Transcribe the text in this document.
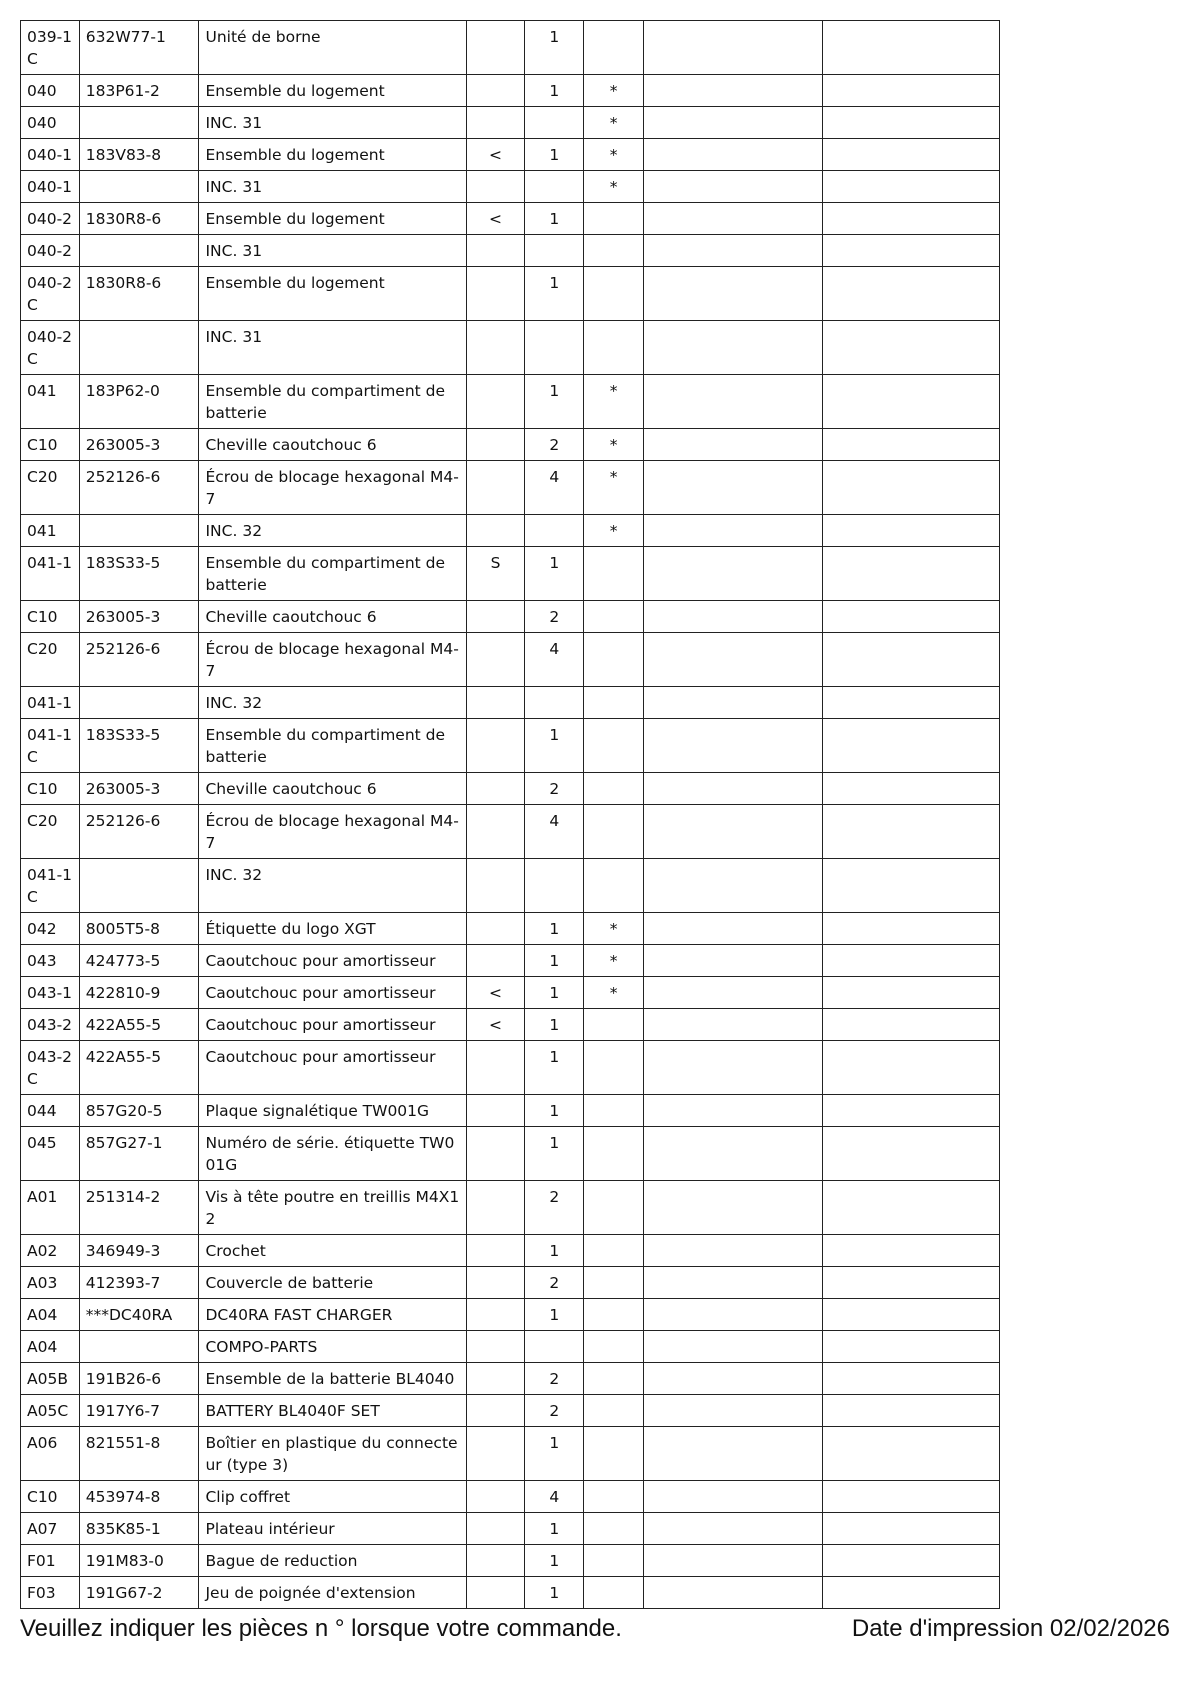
039-1C	632W77-1	Unité de borne		1			
040	183P61-2	Ensemble du logement		1	*		
040		INC. 31			*		
040-1	183V83-8	Ensemble du logement	<	1	*		
040-1		INC. 31			*		
040-2	1830R8-6	Ensemble du logement	<	1			
040-2		INC. 31					
040-2C	1830R8-6	Ensemble du logement		1			
040-2C		INC. 31					
041	183P62-0	Ensemble du compartiment de batterie		1	*		
C10	263005-3	Cheville caoutchouc 6		2	*		
C20	252126-6	Écrou de blocage hexagonal M4-7		4	*		
041		INC. 32			*		
041-1	183S33-5	Ensemble du compartiment de batterie	S	1			
C10	263005-3	Cheville caoutchouc 6		2			
C20	252126-6	Écrou de blocage hexagonal M4-7		4			
041-1		INC. 32					
041-1C	183S33-5	Ensemble du compartiment de batterie		1			
C10	263005-3	Cheville caoutchouc 6		2			
C20	252126-6	Écrou de blocage hexagonal M4-7		4			
041-1C		INC. 32					
042	8005T5-8	Étiquette du logo XGT		1	*		
043	424773-5	Caoutchouc pour amortisseur		1	*		
043-1	422810-9	Caoutchouc pour amortisseur	<	1	*		
043-2	422A55-5	Caoutchouc pour amortisseur	<	1			
043-2C	422A55-5	Caoutchouc pour amortisseur		1			
044	857G20-5	Plaque signalétique TW001G		1			
045	857G27-1	Numéro de série. étiquette TW001G		1			
A01	251314-2	Vis à tête poutre en treillis M4X12		2			
A02	346949-3	Crochet		1			
A03	412393-7	Couvercle de batterie		2			
A04	***DC40RA	DC40RA FAST CHARGER		1			
A04		COMPO-PARTS					
A05B	191B26-6	Ensemble de la batterie BL4040		2			
A05C	1917Y6-7	BATTERY BL4040F SET		2			
A06	821551-8	Boîtier en plastique du connecteur (type 3)		1			
C10	453974-8	Clip coffret		4			
A07	835K85-1	Plateau intérieur		1			
F01	191M83-0	Bague de reduction		1			
F03	191G67-2	Jeu de poignée d'extension		1			
Veuillez indiquer les pièces n ° lorsque votre commande.	Date d'impression 02/02/2026
